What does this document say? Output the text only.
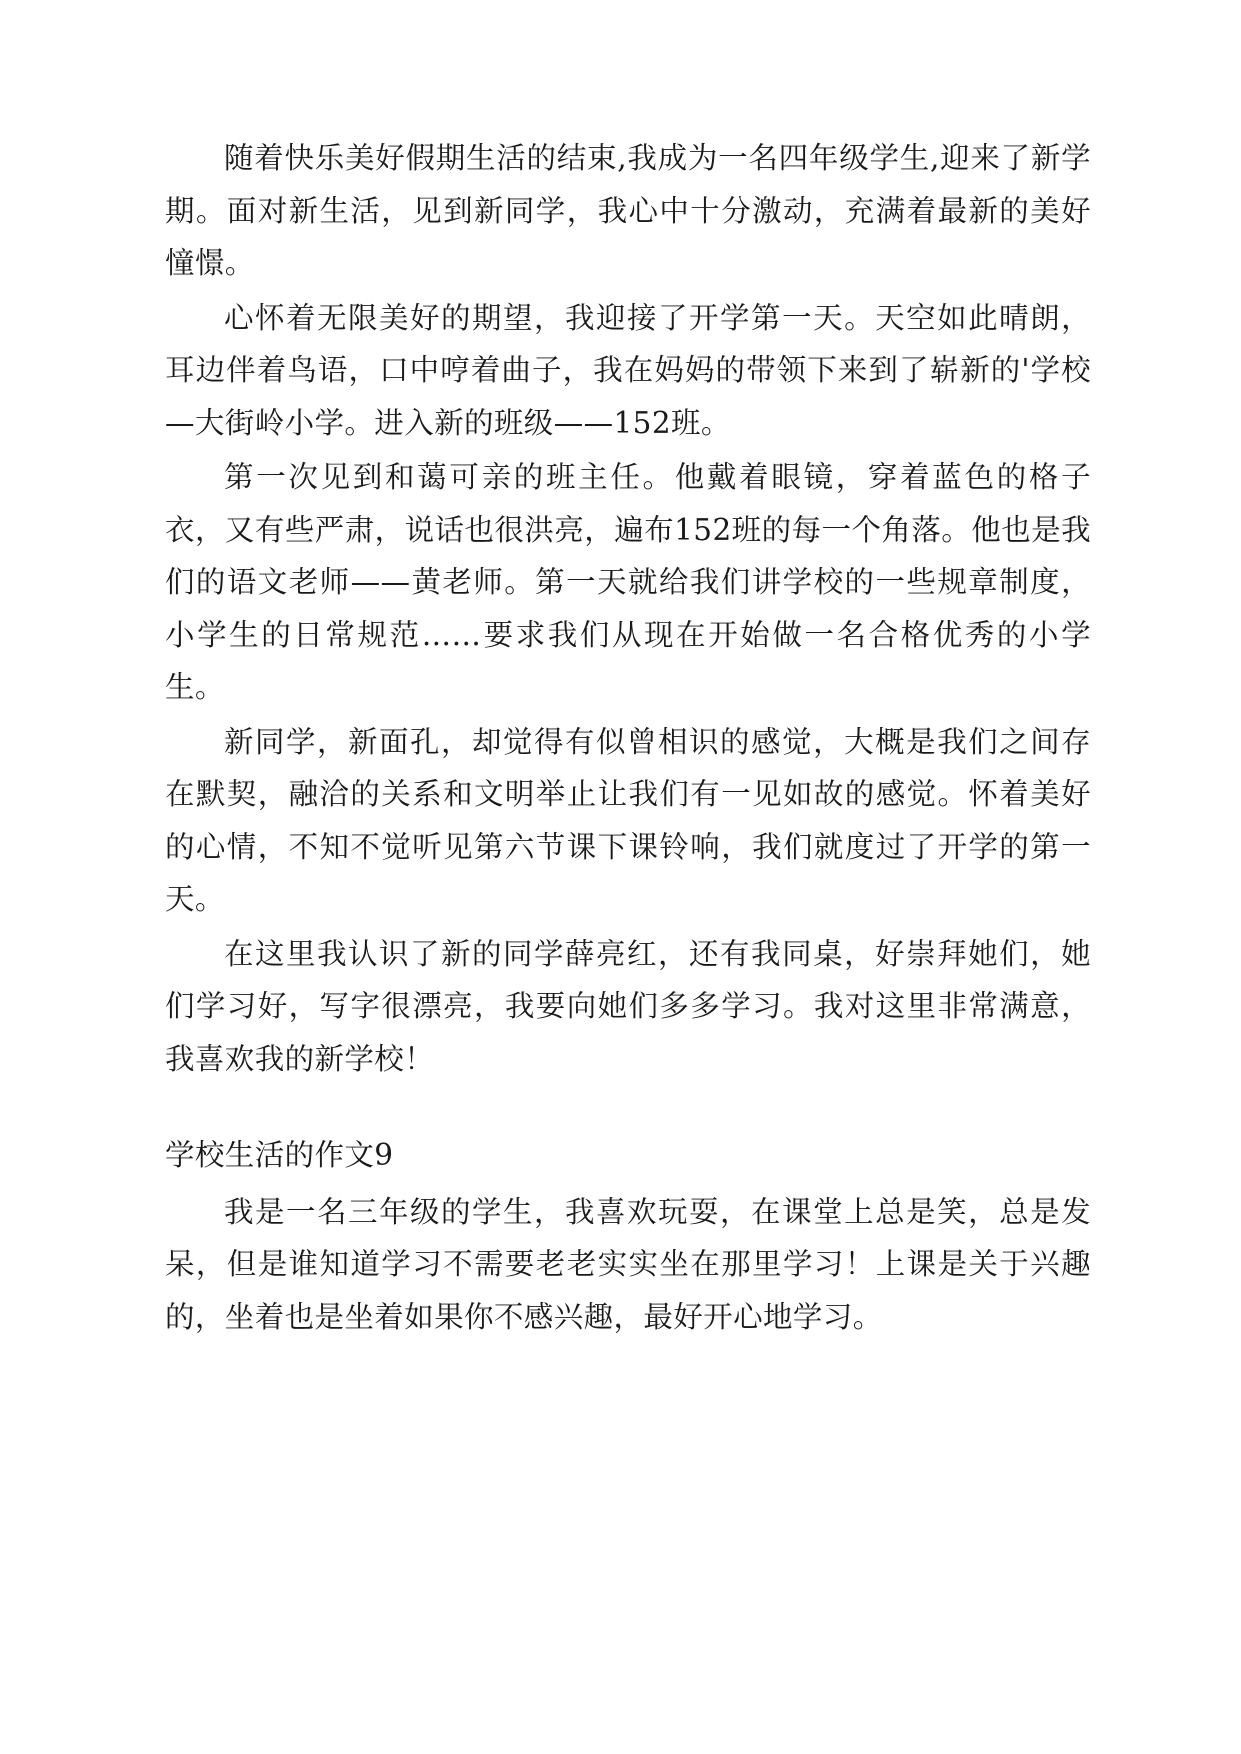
随着快乐美好假期生活的结束,我成为一名四年级学生,迎来了新学期。面对新生活，见到新同学，我心中十分激动，充满着最新的美好憧憬。

心怀着无限美好的期望，我迎接了开学第一天。天空如此晴朗，耳边伴着鸟语，口中哼着曲子，我在妈妈的带领下来到了崭新的'学校—大街岭小学。进入新的班级——152班。

第一次见到和蔼可亲的班主任。他戴着眼镜，穿着蓝色的格子衣，又有些严肃，说话也很洪亮，遍布152班的每一个角落。他也是我们的语文老师——黄老师。第一天就给我们讲学校的一些规章制度，小学生的日常规范……要求我们从现在开始做一名合格优秀的小学生。

新同学，新面孔，却觉得有似曾相识的感觉，大概是我们之间存在默契，融洽的关系和文明举止让我们有一见如故的感觉。怀着美好的心情，不知不觉听见第六节课下课铃响，我们就度过了开学的第一天。

在这里我认识了新的同学薛亮红，还有我同桌，好崇拜她们，她们学习好，写字很漂亮，我要向她们多多学习。我对这里非常满意，我喜欢我的新学校！

学校生活的作文9

我是一名三年级的学生，我喜欢玩耍，在课堂上总是笑，总是发呆，但是谁知道学习不需要老老实实坐在那里学习！上课是关于兴趣的，坐着也是坐着如果你不感兴趣，最好开心地学习。
